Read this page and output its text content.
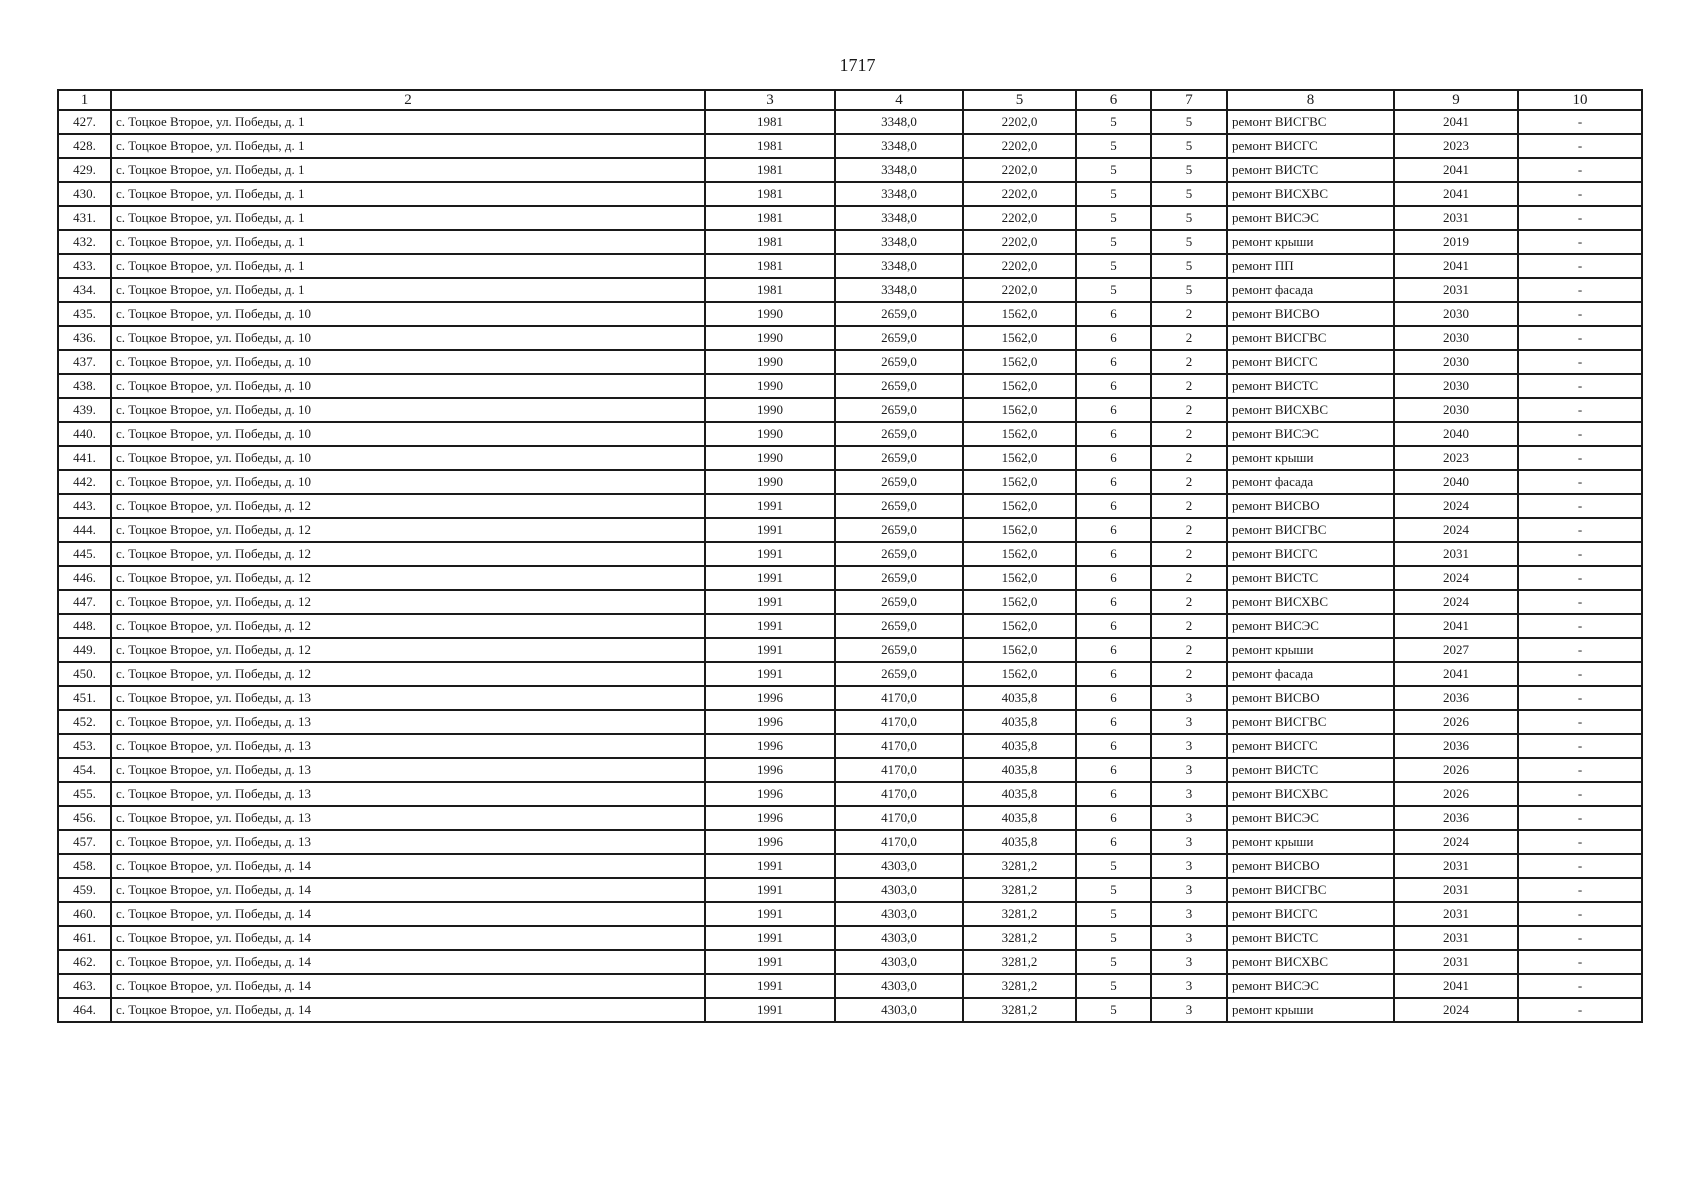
1717
1	2	3	4	5	6	7	8	9	10
427.	с. Тоцкое Второе, ул. Победы, д. 1	1981	3348,0	2202,0	5	5	ремонт ВИСГВС	2041	-
428.	с. Тоцкое Второе, ул. Победы, д. 1	1981	3348,0	2202,0	5	5	ремонт ВИСГС	2023	-
429.	с. Тоцкое Второе, ул. Победы, д. 1	1981	3348,0	2202,0	5	5	ремонт ВИСТС	2041	-
430.	с. Тоцкое Второе, ул. Победы, д. 1	1981	3348,0	2202,0	5	5	ремонт ВИСХВС	2041	-
431.	с. Тоцкое Второе, ул. Победы, д. 1	1981	3348,0	2202,0	5	5	ремонт ВИСЭС	2031	-
432.	с. Тоцкое Второе, ул. Победы, д. 1	1981	3348,0	2202,0	5	5	ремонт крыши	2019	-
433.	с. Тоцкое Второе, ул. Победы, д. 1	1981	3348,0	2202,0	5	5	ремонт ПП	2041	-
434.	с. Тоцкое Второе, ул. Победы, д. 1	1981	3348,0	2202,0	5	5	ремонт фасада	2031	-
435.	с. Тоцкое Второе, ул. Победы, д. 10	1990	2659,0	1562,0	6	2	ремонт ВИСВО	2030	-
436.	с. Тоцкое Второе, ул. Победы, д. 10	1990	2659,0	1562,0	6	2	ремонт ВИСГВС	2030	-
437.	с. Тоцкое Второе, ул. Победы, д. 10	1990	2659,0	1562,0	6	2	ремонт ВИСГС	2030	-
438.	с. Тоцкое Второе, ул. Победы, д. 10	1990	2659,0	1562,0	6	2	ремонт ВИСТС	2030	-
439.	с. Тоцкое Второе, ул. Победы, д. 10	1990	2659,0	1562,0	6	2	ремонт ВИСХВС	2030	-
440.	с. Тоцкое Второе, ул. Победы, д. 10	1990	2659,0	1562,0	6	2	ремонт ВИСЭС	2040	-
441.	с. Тоцкое Второе, ул. Победы, д. 10	1990	2659,0	1562,0	6	2	ремонт крыши	2023	-
442.	с. Тоцкое Второе, ул. Победы, д. 10	1990	2659,0	1562,0	6	2	ремонт фасада	2040	-
443.	с. Тоцкое Второе, ул. Победы, д. 12	1991	2659,0	1562,0	6	2	ремонт ВИСВО	2024	-
444.	с. Тоцкое Второе, ул. Победы, д. 12	1991	2659,0	1562,0	6	2	ремонт ВИСГВС	2024	-
445.	с. Тоцкое Второе, ул. Победы, д. 12	1991	2659,0	1562,0	6	2	ремонт ВИСГС	2031	-
446.	с. Тоцкое Второе, ул. Победы, д. 12	1991	2659,0	1562,0	6	2	ремонт ВИСТС	2024	-
447.	с. Тоцкое Второе, ул. Победы, д. 12	1991	2659,0	1562,0	6	2	ремонт ВИСХВС	2024	-
448.	с. Тоцкое Второе, ул. Победы, д. 12	1991	2659,0	1562,0	6	2	ремонт ВИСЭС	2041	-
449.	с. Тоцкое Второе, ул. Победы, д. 12	1991	2659,0	1562,0	6	2	ремонт крыши	2027	-
450.	с. Тоцкое Второе, ул. Победы, д. 12	1991	2659,0	1562,0	6	2	ремонт фасада	2041	-
451.	с. Тоцкое Второе, ул. Победы, д. 13	1996	4170,0	4035,8	6	3	ремонт ВИСВО	2036	-
452.	с. Тоцкое Второе, ул. Победы, д. 13	1996	4170,0	4035,8	6	3	ремонт ВИСГВС	2026	-
453.	с. Тоцкое Второе, ул. Победы, д. 13	1996	4170,0	4035,8	6	3	ремонт ВИСГС	2036	-
454.	с. Тоцкое Второе, ул. Победы, д. 13	1996	4170,0	4035,8	6	3	ремонт ВИСТС	2026	-
455.	с. Тоцкое Второе, ул. Победы, д. 13	1996	4170,0	4035,8	6	3	ремонт ВИСХВС	2026	-
456.	с. Тоцкое Второе, ул. Победы, д. 13	1996	4170,0	4035,8	6	3	ремонт ВИСЭС	2036	-
457.	с. Тоцкое Второе, ул. Победы, д. 13	1996	4170,0	4035,8	6	3	ремонт крыши	2024	-
458.	с. Тоцкое Второе, ул. Победы, д. 14	1991	4303,0	3281,2	5	3	ремонт ВИСВО	2031	-
459.	с. Тоцкое Второе, ул. Победы, д. 14	1991	4303,0	3281,2	5	3	ремонт ВИСГВС	2031	-
460.	с. Тоцкое Второе, ул. Победы, д. 14	1991	4303,0	3281,2	5	3	ремонт ВИСГС	2031	-
461.	с. Тоцкое Второе, ул. Победы, д. 14	1991	4303,0	3281,2	5	3	ремонт ВИСТС	2031	-
462.	с. Тоцкое Второе, ул. Победы, д. 14	1991	4303,0	3281,2	5	3	ремонт ВИСХВС	2031	-
463.	с. Тоцкое Второе, ул. Победы, д. 14	1991	4303,0	3281,2	5	3	ремонт ВИСЭС	2041	-
464.	с. Тоцкое Второе, ул. Победы, д. 14	1991	4303,0	3281,2	5	3	ремонт крыши	2024	-
